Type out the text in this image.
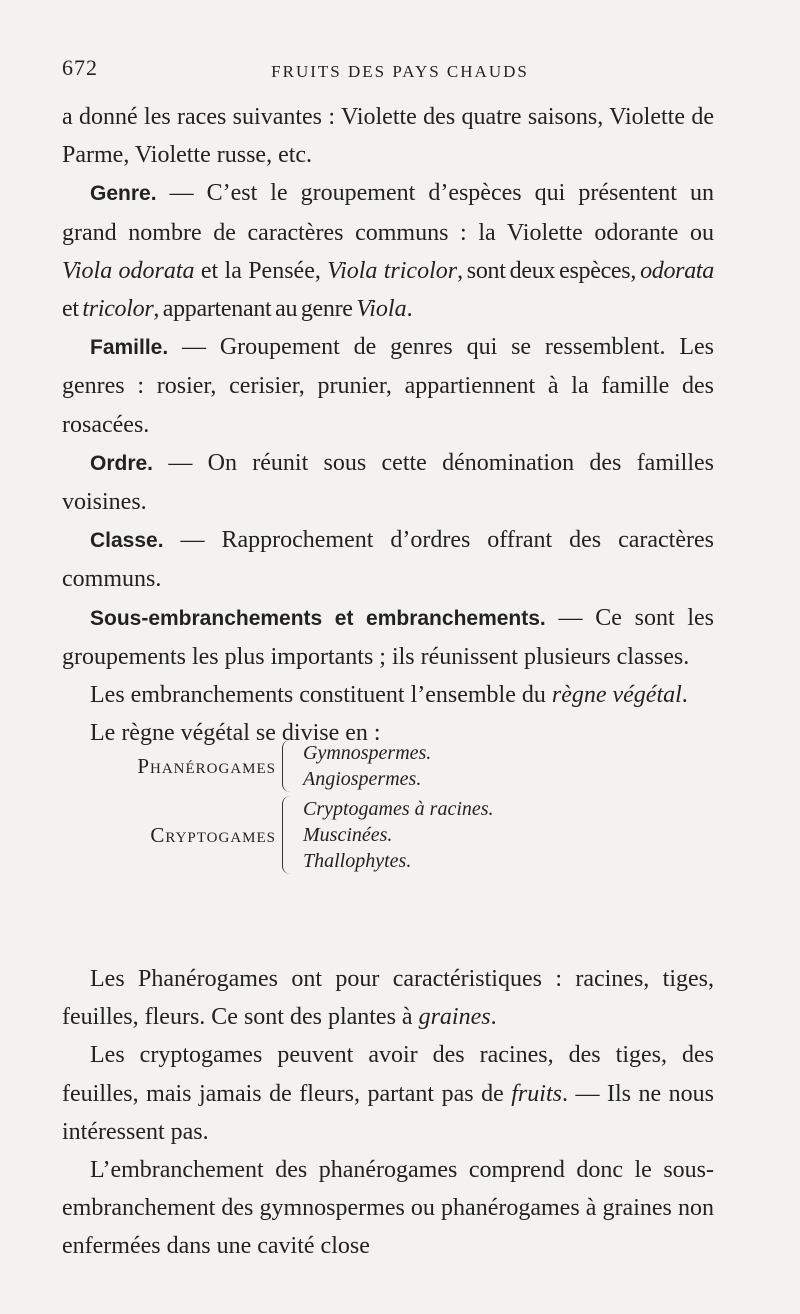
672	FRUITS DES PAYS CHAUDS

a donné les races suivantes : Violette des quatre saisons, Violette de Parme, Violette russe, etc.

Genre. — C’est le groupement d’espèces qui présentent un grand nombre de caractères communs : la Violette odorante ou Viola odorata et la Pensée, Viola tricolor, sont deux espèces, odorata et tricolor, appartenant au genre Viola.

Famille. — Groupement de genres qui se ressemblent. Les genres : rosier, cerisier, prunier, appartiennent à la famille des rosacées.

Ordre. — On réunit sous cette dénomination des familles voisines.

Classe. — Rapprochement d’ordres offrant des caractères communs.

Sous-embranchements et embranchements. — Ce sont les groupements les plus importants ; ils réunissent plusieurs classes.

Les embranchements constituent l’ensemble du règne végétal.

Le règne végétal se divise en :

Phanérogames
Gymnospermes.
Angiospermes.
Cryptogames
Cryptogames à racines.
Muscinées.
Thallophytes.

Les Phanérogames ont pour caractéristiques : racines, tiges, feuilles, fleurs. Ce sont des plantes à graines.

Les cryptogames peuvent avoir des racines, des tiges, des feuilles, mais jamais de fleurs, partant pas de fruits. — Ils ne nous intéressent pas.

L’embranchement des phanérogames comprend donc le sous-embranchement des gymnospermes ou phanérogames à graines non enfermées dans une cavité close
